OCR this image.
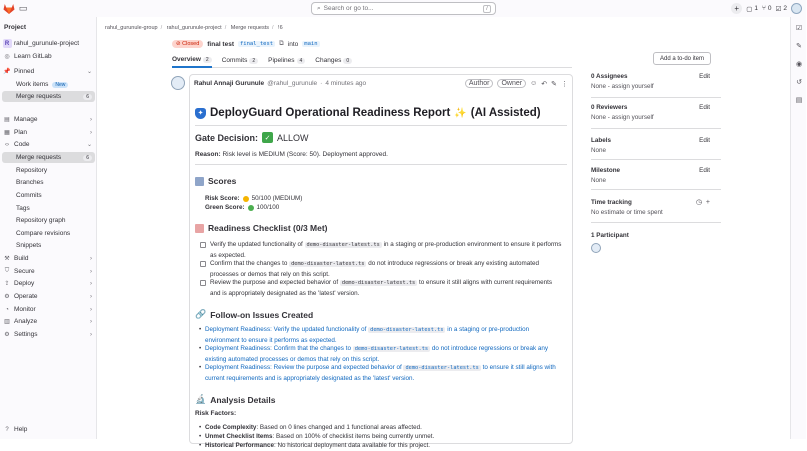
▭	⌕ Search or go to...	/	+	▢ 1 ⑂ 0 ☑ 2
Project
R rahul_gurunule-project
◎ Learn GitLab
📌 Pinned	⌄
Work items	New
Merge requests	6
▤ Manage	›
▦ Plan	›
‹› Code	⌄
Merge requests	6
Repository
Branches
Commits
Tags
Repository graph
Compare revisions
Snippets
⚒ Build	›
⛉ Secure	›
⇪ Deploy	›
⚙ Operate	›
◔ Monitor	›
▥ Analyze	›
⚙ Settings	›
? Help
rahul_gurunule-group / rahul_gurunule-project / Merge requests / !6
⊘ Closed	final test	final_test ⧉ into	main
Overview	2	Commits	2	Pipelines	4	Changes	0	Add a to-do item
Rahul Annaji Gurunule @rahul_gurunule · 4 minutes ago	Author	Owner	☺ ↶ ✎ ⋮
✦ DeployGuard Operational Readiness Report ✨ (AI Assisted)
Gate Decision: ✓ ALLOW
Reason: Risk level is MEDIUM (Score: 50). Deployment approved.
Scores
Risk Score: 50/100 (MEDIUM)
Green Score: 100/100
Readiness Checklist (0/3 Met)
Verify the updated functionality of demo-disaster-latest.ts in a staging or pre-production environment to ensure it performs as expected.
Confirm that the changes to demo-disaster-latest.ts do not introduce regressions or break any existing automated processes or demos that rely on this script.
Review the purpose and expected behavior of demo-disaster-latest.ts to ensure it still aligns with current requirements and is appropriately designated as the 'latest' version.
🔗 Follow-on Issues Created
• Deployment Readiness: Verify the updated functionality of demo-disaster-latest.ts in a staging or pre-production environment to ensure it performs as expected.
• Deployment Readiness: Confirm that the changes to demo-disaster-latest.ts do not introduce regressions or break any existing automated processes or demos that rely on this script.
• Deployment Readiness: Review the purpose and expected behavior of demo-disaster-latest.ts to ensure it still aligns with current requirements and is appropriately designated as the 'latest' version.
🔬 Analysis Details
Risk Factors:
• Code Complexity: Based on 0 lines changed and 1 functional areas affected.
• Unmet Checklist Items: Based on 100% of checklist items being currently unmet.
• Historical Performance: No historical deployment data available for this project.
0 Assignees	Edit
None - assign yourself
0 Reviewers	Edit
None - assign yourself
Labels	Edit
None
Milestone	Edit
None
Time tracking	◷ +
No estimate or time spent
1 Participant
☑
✎
◉
↺
▤
